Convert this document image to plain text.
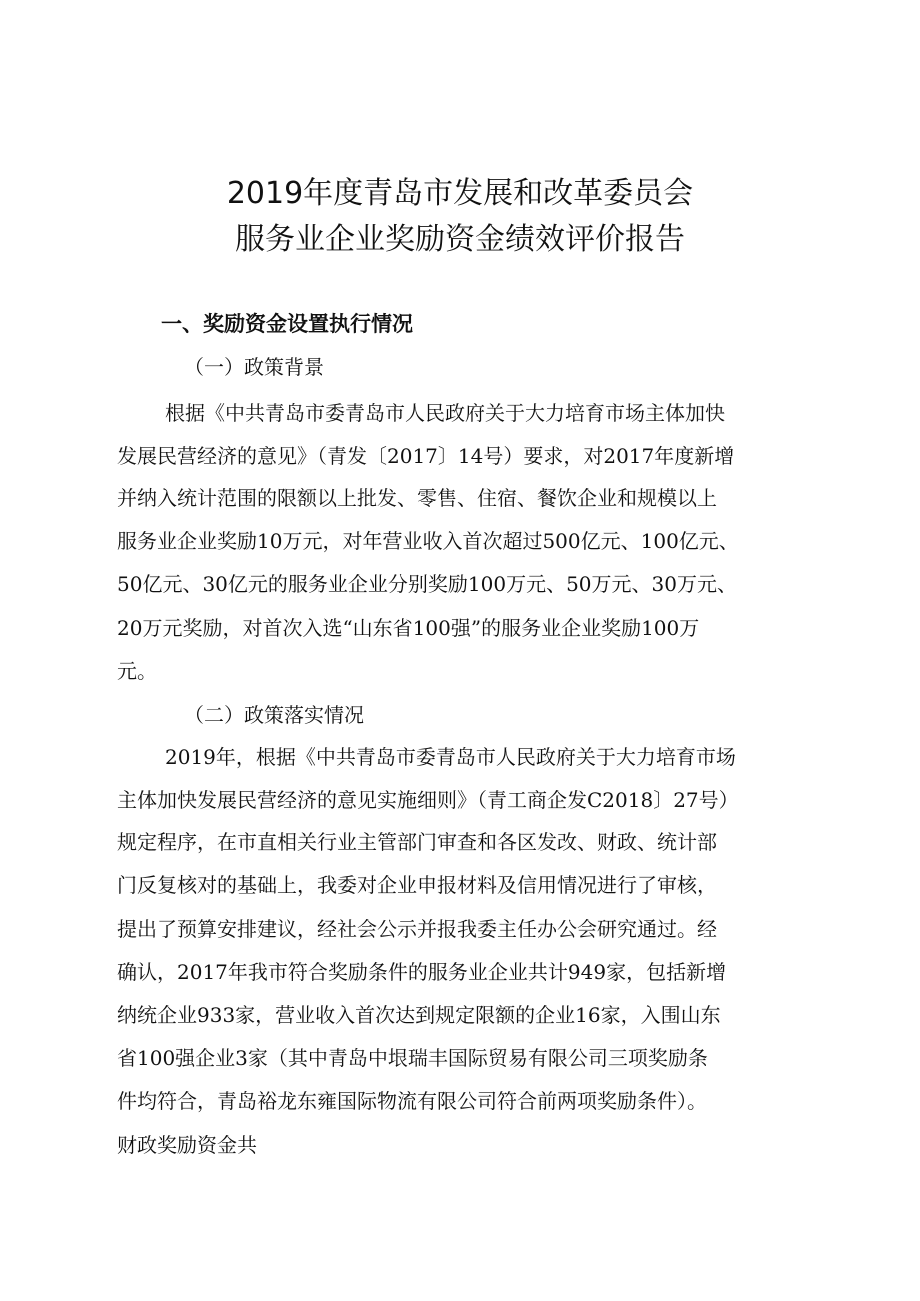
2019年度青岛市发展和改革委员会
服务业企业奖励资金绩效评价报告
一、奖励资金设置执行情况
（一）政策背景
根据《中共青岛市委青岛市人民政府关于大力培育市场主体加快
发展民营经济的意见》（青发〔2017〕14号）要求，对2017年度新增
并纳入统计范围的限额以上批发、零售、住宿、餐饮企业和规模以上
服务业企业奖励10万元，对年营业收入首次超过500亿元、100亿元、
50亿元、30亿元的服务业企业分别奖励100万元、50万元、30万元、
20万元奖励，对首次入选“山东省100强”的服务业企业奖励100万
元。
（二）政策落实情况
2019年，根据《中共青岛市委青岛市人民政府关于大力培育市场
主体加快发展民营经济的意见实施细则》（青工商企发C2018〕27号）
规定程序，在市直相关行业主管部门审查和各区发改、财政、统计部
门反复核对的基础上，我委对企业申报材料及信用情况进行了审核，
提出了预算安排建议，经社会公示并报我委主任办公会研究通过。经
确认，2017年我市符合奖励条件的服务业企业共计949家，包括新增
纳统企业933家，营业收入首次达到规定限额的企业16家，入围山东
省100强企业3家（其中青岛中垠瑞丰国际贸易有限公司三项奖励条
件均符合，青岛裕龙东雍国际物流有限公司符合前两项奖励条件）。
财政奖励资金共
